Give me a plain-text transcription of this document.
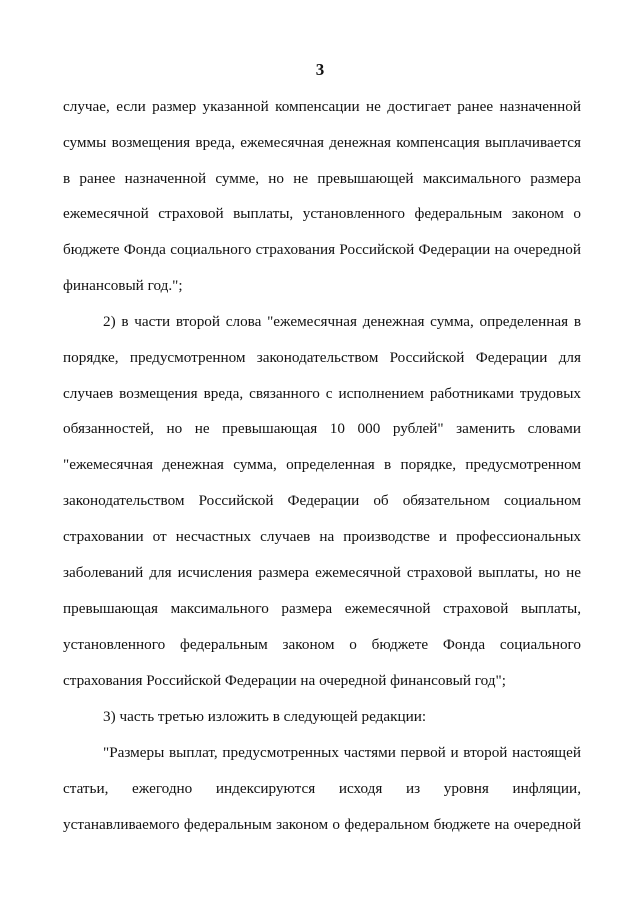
3
случае, если размер указанной компенсации не достигает ранее назначенной
суммы возмещения вреда, ежемесячная денежная компенсация выплачивается
в ранее назначенной сумме, но не превышающей максимального размера
ежемесячной страховой выплаты, установленного федеральным законом о
бюджете Фонда социального страхования Российской Федерации на очередной
финансовый год.";
2) в части второй слова "ежемесячная денежная сумма, определенная в
порядке, предусмотренном законодательством Российской Федерации для
случаев возмещения вреда, связанного с исполнением работниками трудовых
обязанностей, но не превышающая 10 000 рублей" заменить словами
"ежемесячная денежная сумма, определенная в порядке, предусмотренном
законодательством Российской Федерации об обязательном социальном
страховании от несчастных случаев на производстве и профессиональных
заболеваний для исчисления размера ежемесячной страховой выплаты, но не
превышающая максимального размера ежемесячной страховой выплаты,
установленного федеральным законом о бюджете Фонда социального
страхования Российской Федерации на очередной финансовый год";
3) часть третью изложить в следующей редакции:
"Размеры выплат, предусмотренных частями первой и второй настоящей
статьи, ежегодно индексируются исходя из уровня инфляции,
устанавливаемого федеральным законом о федеральном бюджете на очередной
